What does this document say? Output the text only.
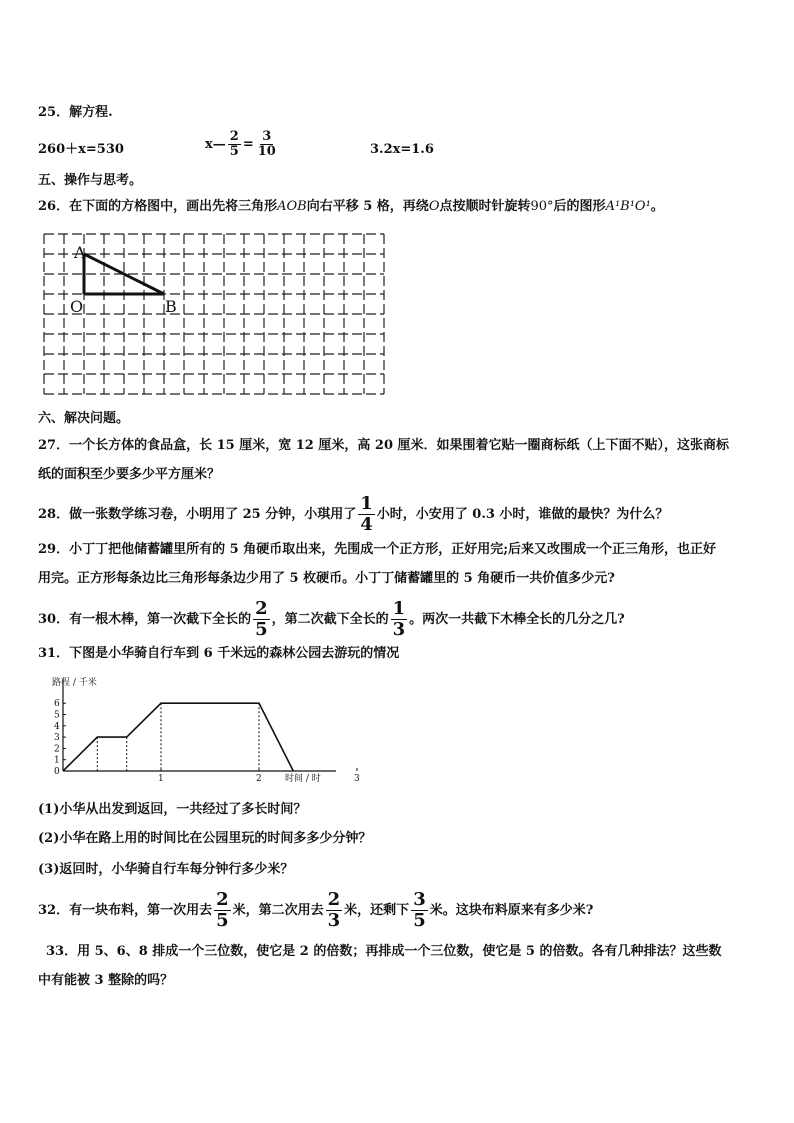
25．解方程.
260＋x=530	x— $\frac{2}{5} = \frac{3}{10}$	3.2x=1.6
五、操作与思考。
26．在下面的方格图中，画出先将三角形AOB向右平移 5 格，再绕O点按顺时针旋转90°后的图形A¹B¹O¹。
A
O	B
六、解决问题。
27．一个长方体的食品盒，长 15 厘米，宽 12 厘米，高 20 厘米．如果围着它贴一圈商标纸（上下面不贴），这张商标
纸的面积至少要多少平方厘米？
28．做一张数学练习卷，小明用了 25 分钟，小琪用了 $\frac{1}{4}$ 小时，小安用了 0.3 小时，谁做的最快？为什么？
29．小丁丁把他储蓄罐里所有的 5 角硬币取出来，先围成一个正方形，正好用完;后来又改围成一个正三角形，也正好
用完。正方形每条边比三角形每条边少用了 5 枚硬币。小丁丁储蓄罐里的 5 角硬币一共价值多少元?
30．有一根木棒，第一次截下全长的 $\frac{2}{5}$ ，第二次截下全长的 $\frac{1}{3}$ 。两次一共截下木棒全长的几分之几?
31．下图是小华骑自行车到 6 千米远的森林公园去游玩的情况
路程 / 千米
时间 / 时
0
1
2
3
4
5
6
1	2	3
(1)小华从出发到返回，一共经过了多长时间？
(2)小华在路上用的时间比在公园里玩的时间多多少分钟？
(3)返回时，小华骑自行车每分钟行多少米？
32．有一块布料，第一次用去 $\frac{2}{5}$ 米，第二次用去 $\frac{2}{3}$ 米，还剩下 $\frac{3}{5}$ 米。这块布料原来有多少米?
33．用 5、6、8 排成一个三位数，使它是 2 的倍数；再排成一个三位数，使它是 5 的倍数。各有几种排法？这些数
中有能被 3 整除的吗？
